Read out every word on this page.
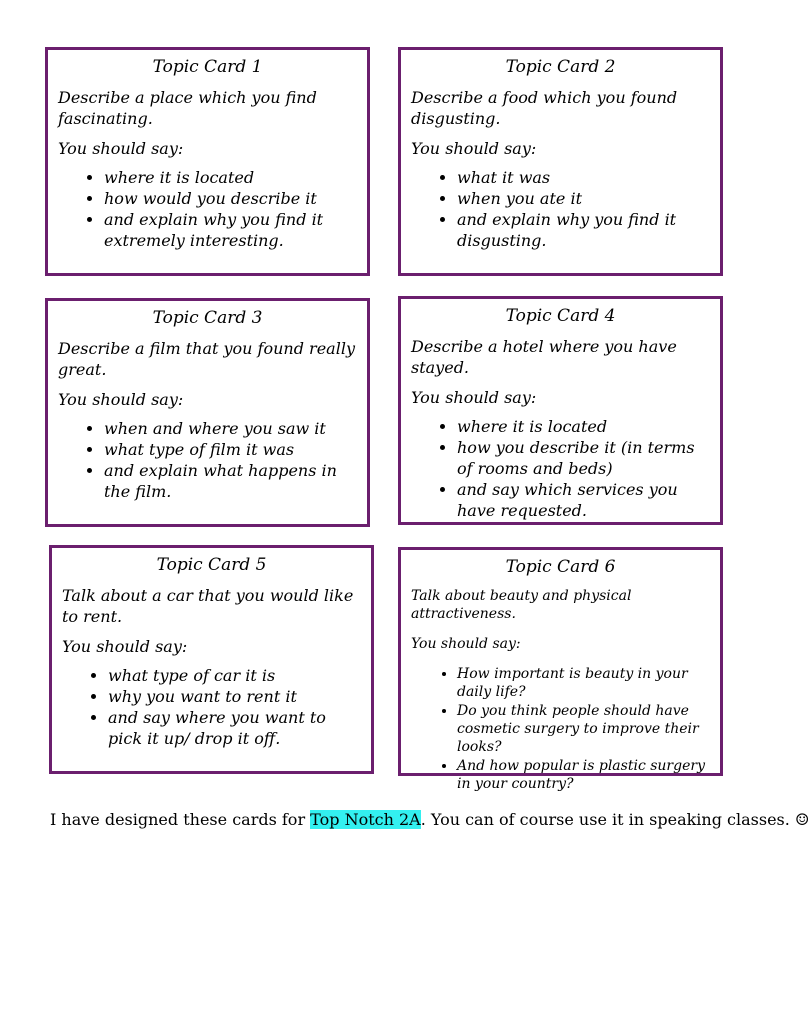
Topic Card 1
Describe a place which you find fascinating.
You should say:
• where it is located
• how would you describe it
• and explain why you find it extremely interesting.
Topic Card 2
Describe a food which you found disgusting.
You should say:
• what it was
• when you ate it
• and explain why you find it disgusting.
Topic Card 3
Describe a film that you found really great.
You should say:
• when and where you saw it
• what type of film it was
• and explain what happens in the film.
Topic Card 4
Describe a hotel where you have stayed.
You should say:
• where it is located
• how you describe it (in terms of rooms and beds)
• and say which services you have requested.
Topic Card 5
Talk about a car that you would like to rent.
You should say:
• what type of car it is
• why you want to rent it
• and say where you want to pick it up/ drop it off.
Topic Card 6
Talk about beauty and physical attractiveness.
You should say:
• How important is beauty in your daily life?
• Do you think people should have cosmetic surgery to improve their looks?
• And how popular is plastic surgery in your country?
I have designed these cards for Top Notch 2A. You can of course use it in speaking classes. ☺
